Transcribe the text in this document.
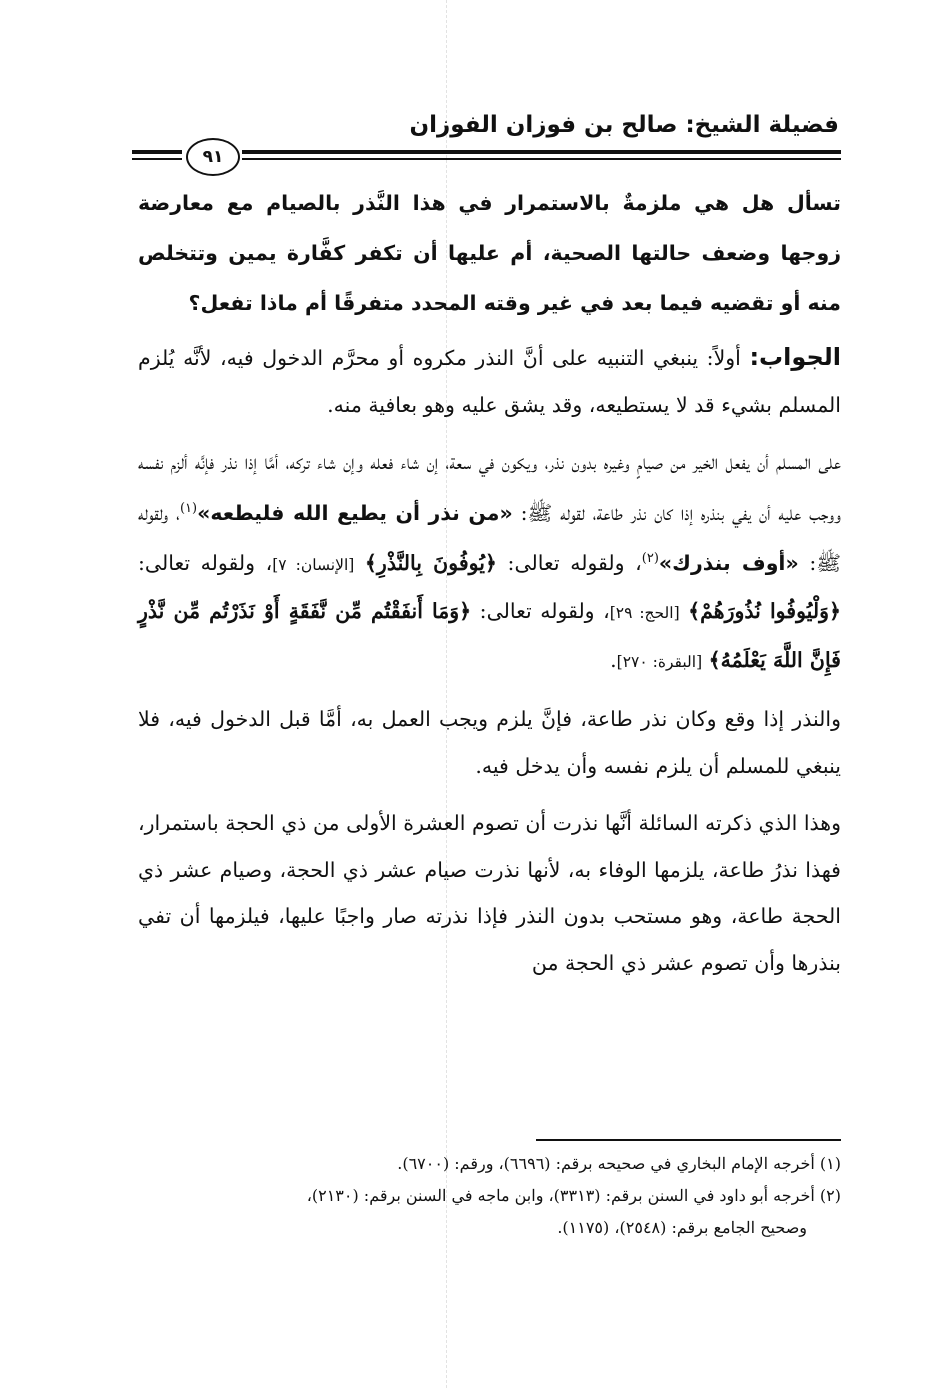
فضيلة الشيخ: صالح بن فوزان الفوزان
٩١

تسأل هل هي ملزمةٌ بالاستمرار في هذا النَّذر بالصيام مع معارضة زوجها وضعف حالتها الصحية، أم عليها أن تكفر كفَّارة يمين وتتخلص منه أو تقضيه فيما بعد في غير وقته المحدد متفرقًا أم ماذا تفعل؟

الجواب: أولاً: ينبغي التنبيه على أنَّ النذر مكروه أو محرَّم الدخول فيه، لأنَّه يُلزم المسلم بشيء قد لا يستطيعه، وقد يشق عليه وهو بعافية منه.

على المسلم أن يفعل الخير من صيامٍ وغيره بدون نذر، ويكون في سعة، إن شاء فعله وإن شاء تركه، أمَّا إذا نذر فإنَّه ألزم نفسه ووجب عليه أن يفي بنذره إذا كان نذر طاعة، لقوله ﷺ: «من نذر أن يطيع الله فليطعه»$^{(١)}$، ولقوله ﷺ: «أوف بنذرك»$^{(٢)}$، ولقوله تعالى: ﴿يُوفُونَ بِالنَّذْرِ﴾ [الإنسان: ٧]، ولقوله تعالى: ﴿وَلْيُوفُوا نُذُورَهُمْ﴾ [الحج: ٢٩]، ولقوله تعالى: ﴿وَمَا أَنفَقْتُم مِّن نَّفَقَةٍ أَوْ نَذَرْتُم مِّن نَّذْرٍ فَإِنَّ اللَّهَ يَعْلَمُهُ﴾ [البقرة: ٢٧٠].

والنذر إذا وقع وكان نذر طاعة، فإنَّ يلزم ويجب العمل به، أمَّا قبل الدخول فيه، فلا ينبغي للمسلم أن يلزم نفسه وأن يدخل فيه.

وهذا الذي ذكرته السائلة أنَّها نذرت أن تصوم العشرة الأولى من ذي الحجة باستمرار، فهذا نذرُ طاعة، يلزمها الوفاء به، لأنها نذرت صيام عشر ذي الحجة، وصيام عشر ذي الحجة طاعة، وهو مستحب بدون النذر فإذا نذرته صار واجبًا عليها، فيلزمها أن تفي بنذرها وأن تصوم عشر ذي الحجة من

(١) أخرجه الإمام البخاري في صحيحه برقم: (٦٦٩٦)، ورقم: (٦٧٠٠).

(٢) أخرجه أبو داود في السنن برقم: (٣٣١٣)، وابن ماجه في السنن برقم: (٢١٣٠)،

وصحيح الجامع برقم: (٢٥٤٨)، (١١٧٥).
